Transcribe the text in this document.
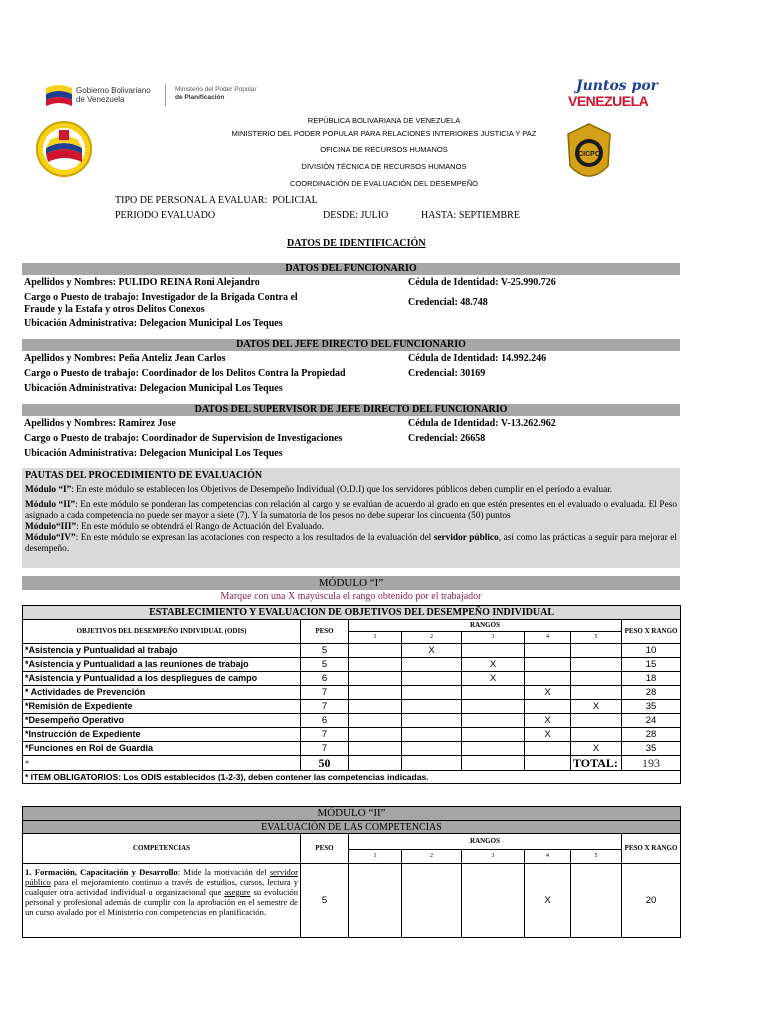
Gobierno Bolivariano
de Venezuela
Ministerio del Poder Popular
de Planificación
Juntos por
VENEZUELA
CICPC
REPÚBLICA BOLIVARIANA DE VENEZUELA
MINISTERIO DEL PODER POPULAR PARA RELACIONES INTERIORES JUSTICIA Y PAZ
OFICINA DE RECURSOS HUMANOS
DIVISIÓN TÉCNICA DE RECURSOS HUMANOS
COORDINACIÓN DE EVALUACIÓN DEL DESEMPEÑO
TIPO DE PERSONAL A EVALUAR:  POLICIAL
PERIODO EVALUADO	DESDE: JULIO	HASTA: SEPTIEMBRE
DATOS DE IDENTIFICACIÓN
DATOS DEL FUNCIONARIO
Apellidos y Nombres: PULIDO REINA Roni Alejandro
Cargo o Puesto de trabajo: Investigador de la Brigada Contra el
Fraude y la Estafa y otros Delitos Conexos
Ubicación Administrativa: Delegacion Municipal Los Teques
Cédula de Identidad: V-25.990.726
Credencial: 48.748
DATOS DEL JEFE DIRECTO DEL FUNCIONARIO
Apellidos y Nombres: Peña Anteliz Jean Carlos
Cargo o Puesto de trabajo: Coordinador de los Delitos Contra la Propiedad
Ubicación Administrativa: Delegacion Municipal Los Teques
Cédula de Identidad: 14.992.246
Credencial: 30169
DATOS DEL SUPERVISOR DE JEFE DIRECTO DEL FUNCIONARIO
Apellidos y Nombres: Ramirez Jose
Cargo o Puesto de trabajo: Coordinador de Supervision de Investigaciones
Ubicación Administrativa: Delegacion Municipal Los Teques
Cédula de Identidad: V-13.262.962
Credencial: 26658

PAUTAS DEL PROCEDIMIENTO DE EVALUACIÓN

Módulo “I”: En este módulo se establecen los Objetivos de Desempeño Individual (O.D.I) que los servidores públicos deben cumplir en el período a evaluar.

Módulo “II”: En este módulo se ponderan las competencias con relación al cargo y se evalúan de acuerdo al grado en que estén presentes en el evaluado o evaluada. El Peso asignado a cada competencia no puede ser mayor a siete (7). Y la sumatoria de los pesos no debe superar los cincuenta (50) puntos

Módulo“III”: En este módulo se obtendrá el Rango de Actuación del Evaluado.

Módulo“IV”: En este módulo se expresan las acotaciones con respecto a los resultados de la evaluación del servidor público, así como las prácticas a seguir para mejorar el desempeño.

MÓDULO “I”
Marque con una X mayúscula el rango obtenido por el trabajador
ESTABLECIMIENTO Y EVALUACION DE OBJETIVOS DEL DESEMPEÑO INDIVIDUAL							
OBJETIVOS DEL DESEMPEÑO INDIVIDUAL (ODIS)	PESO	RANGOS					PESO X RANGO
		1	2	3	4	5	
*Asistencia y Puntualidad al trabajo	5		X				10
*Asistencia y Puntualidad a las reuniones de trabajo	5			X			15
*Asistencia y Puntualidad a los despliegues de campo	6			X			18
* Actividades de Prevención	7				X		28
*Remisión de Expediente	7					X	35
*Desempeño Operativo	6				X		24
*Instrucción de Expediente	7				X		28
*Funciones en Rol de Guardia	7					X	35
*	50					TOTAL:	193
* ITEM OBLIGATORIOS: Los ODIS establecidos (1-2-3), deben contener las competencias indicadas.							
MÓDULO “II”							
EVALUACIÓN DE LAS COMPETENCIAS							
COMPETENCIAS	PESO	RANGOS					PESO X RANGO
		1	2	3	4	5	
1. Formación, Capacitación y Desarrollo: Mide la motivación del servidor público para el mejoramiento continuo a través de estudios, cursos, lectura y cualquier otra actividad individual u organizacional que asegure su evolución personal y profesional además de cumplir con la aprobación en el semestre de un curso avalado por el Ministerio con competencias en planificación.	5				X		20
